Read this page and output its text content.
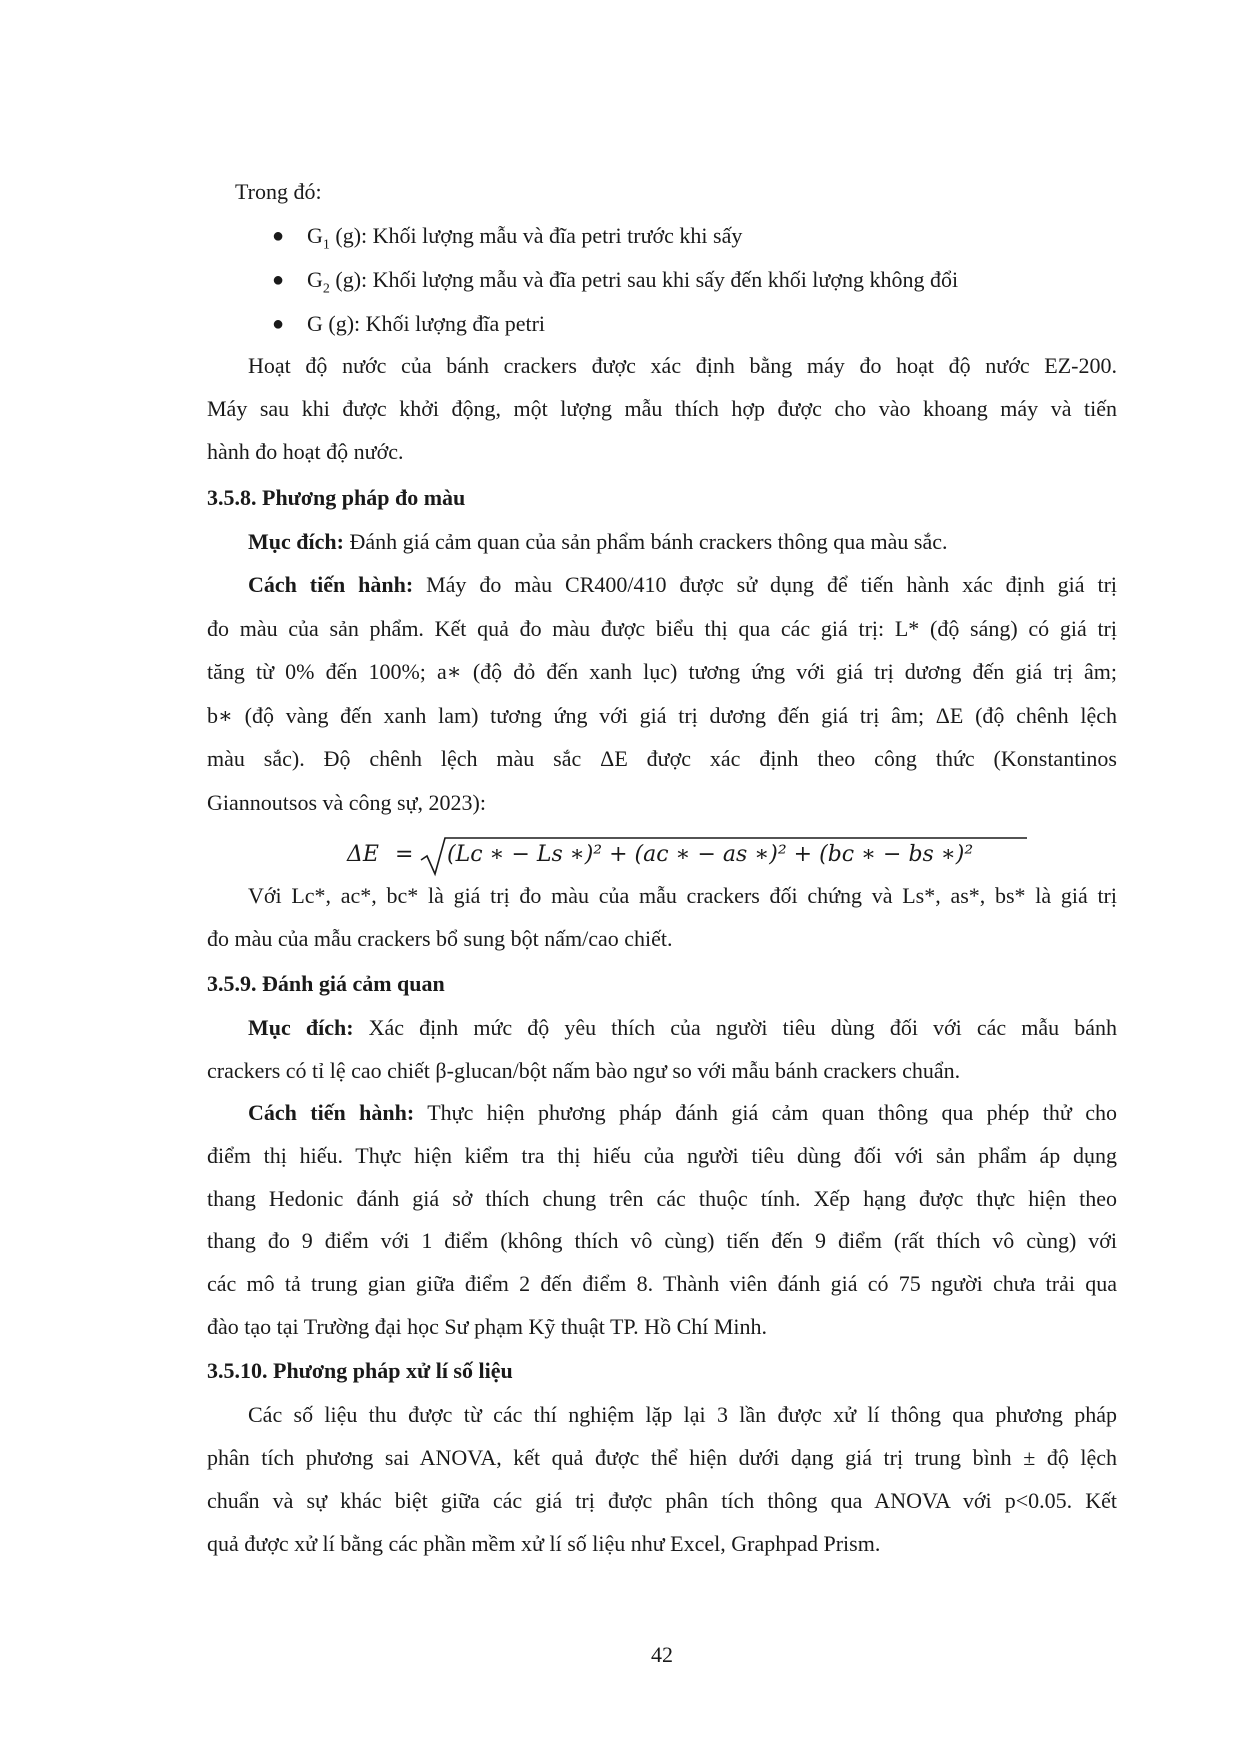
Trong đó:
● $G_1$ (g): Khối lượng mẫu và đĩa petri trước khi sấy
● $G_2$ (g): Khối lượng mẫu và đĩa petri sau khi sấy đến khối lượng không đổi
● G (g): Khối lượng đĩa petri
Hoạt độ nước của bánh crackers được xác định bằng máy đo hoạt độ nước EZ-200.
Máy sau khi được khởi động, một lượng mẫu thích hợp được cho vào khoang máy và tiến
hành đo hoạt độ nước.
3.5.8. Phương pháp đo màu
Mục đích: Đánh giá cảm quan của sản phẩm bánh crackers thông qua màu sắc.
Cách tiến hành: Máy đo màu CR400/410 được sử dụng để tiến hành xác định giá trị
đo màu của sản phẩm. Kết quả đo màu được biểu thị qua các giá trị: L* (độ sáng) có giá trị
tăng từ 0% đến 100%; a∗ (độ đỏ đến xanh lục) tương ứng với giá trị dương đến giá trị âm;
b∗ (độ vàng đến xanh lam) tương ứng với giá trị dương đến giá trị âm; ΔE (độ chênh lệch
màu sắc). Độ chênh lệch màu sắc ΔE được xác định theo công thức (Konstantinos
Giannoutsos và công sự, 2023):
ΔE = (Lᴄ ∗ − Lѕ ∗)² + (aᴄ ∗ − aѕ ∗)² + (bᴄ ∗ − bѕ ∗)²
Với Lc*, ac*, bc* là giá trị đo màu của mẫu crackers đối chứng và Ls*, as*, bs* là giá trị
đo màu của mẫu crackers bổ sung bột nấm/cao chiết.
3.5.9. Đánh giá cảm quan
Mục đích: Xác định mức độ yêu thích của người tiêu dùng đối với các mẫu bánh
crackers có tỉ lệ cao chiết β-glucan/bột nấm bào ngư so với mẫu bánh crackers chuẩn.
Cách tiến hành: Thực hiện phương pháp đánh giá cảm quan thông qua phép thử cho
điểm thị hiếu. Thực hiện kiểm tra thị hiếu của người tiêu dùng đối với sản phẩm áp dụng
thang Hedonic đánh giá sở thích chung trên các thuộc tính. Xếp hạng được thực hiện theo
thang đo 9 điểm với 1 điểm (không thích vô cùng) tiến đến 9 điểm (rất thích vô cùng) với
các mô tả trung gian giữa điểm 2 đến điểm 8. Thành viên đánh giá có 75 người chưa trải qua
đào tạo tại Trường đại học Sư phạm Kỹ thuật TP. Hồ Chí Minh.
3.5.10. Phương pháp xử lí số liệu
Các số liệu thu được từ các thí nghiệm lặp lại 3 lần được xử lí thông qua phương pháp
phân tích phương sai ANOVA, kết quả được thể hiện dưới dạng giá trị trung bình ± độ lệch
chuẩn và sự khác biệt giữa các giá trị được phân tích thông qua ANOVA với p<0.05. Kết
quả được xử lí bằng các phần mềm xử lí số liệu như Excel, Graphpad Prism.
42
